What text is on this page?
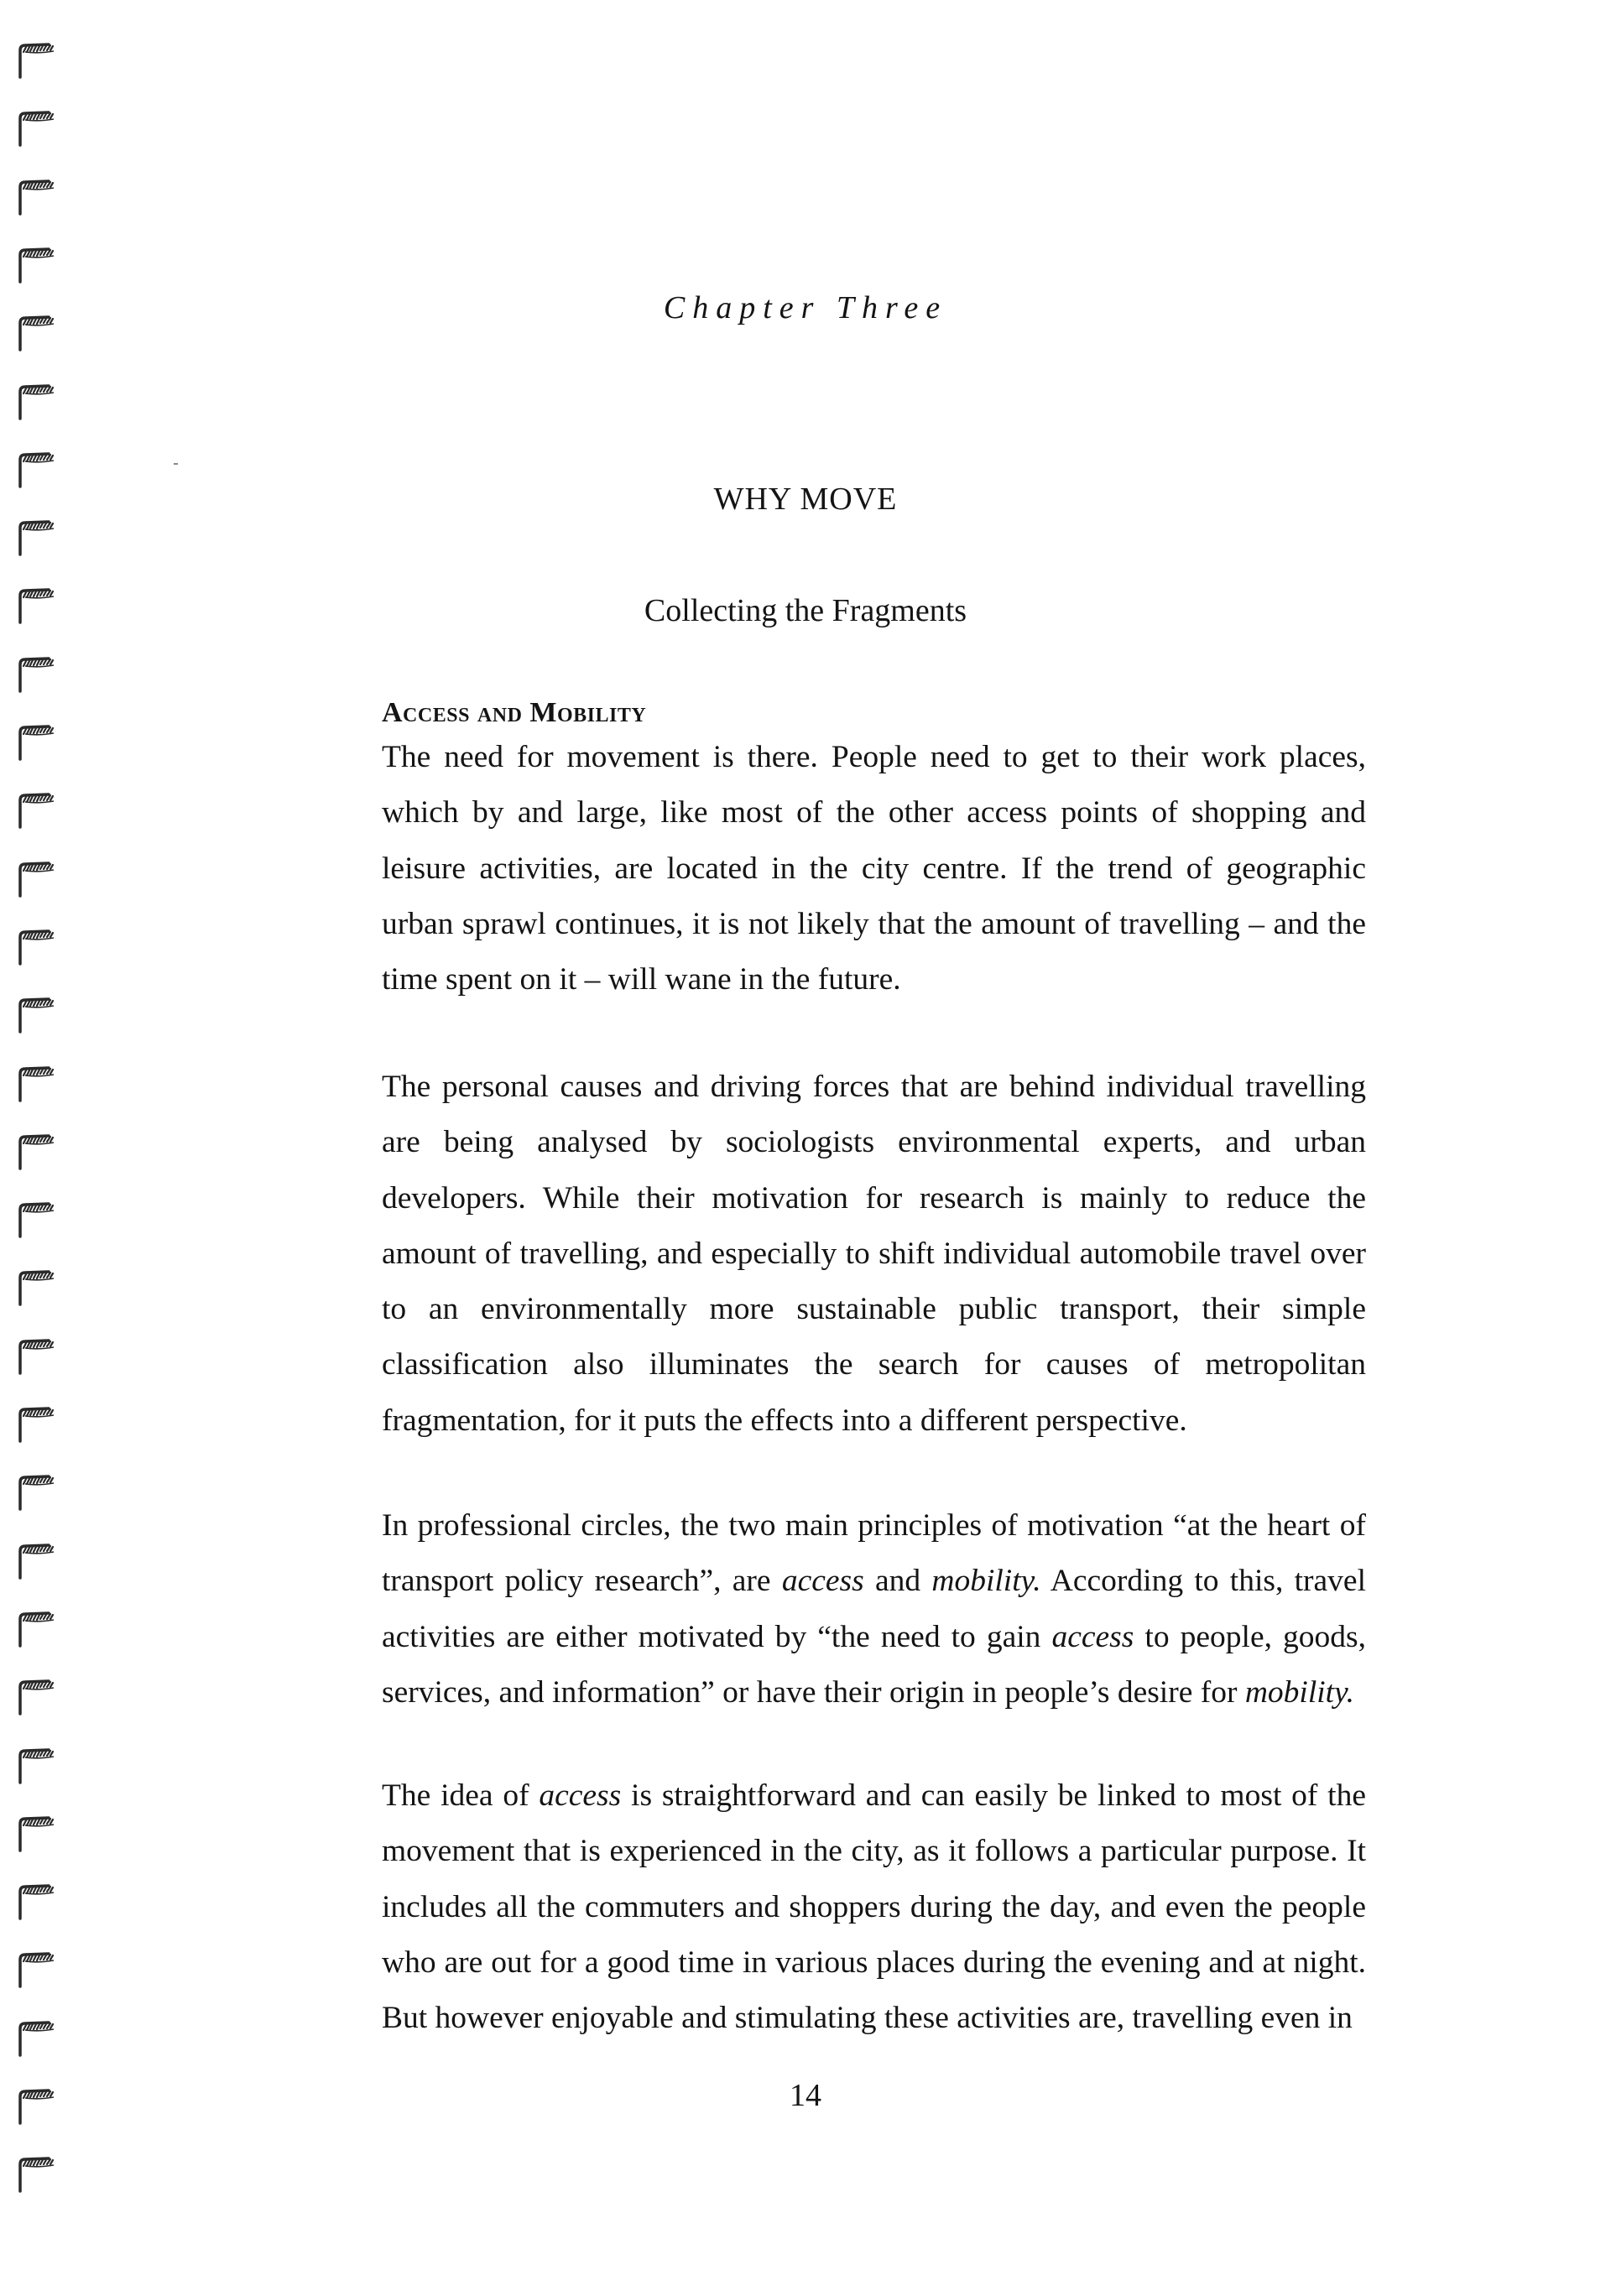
Chapter Three
WHY MOVE
Collecting the Fragments
Access and Mobility

The need for movement is there. People need to get to their work places, which by and large, like most of the other access points of shopping and leisure activities, are located in the city centre. If the trend of geographic urban sprawl continues, it is not likely that the amount of travelling – and the time spent on it – will wane in the future.

The personal causes and driving forces that are behind individual travelling are being analysed by sociologists environmental experts, and urban developers. While their motivation for research is mainly to reduce the amount of travelling, and especially to shift individual automobile travel over to an environmentally more sustainable public transport, their simple classification also illuminates the search for causes of metropolitan fragmentation, for it puts the effects into a different perspective.

In professional circles, the two main principles of motivation “at the heart of transport policy research”, are access and mobility. According to this, travel activities are either motivated by “the need to gain access to people, goods, services, and information” or have their origin in people’s desire for mobility.

The idea of access is straightforward and can easily be linked to most of the movement that is experienced in the city, as it follows a particular purpose. It includes all the commuters and shoppers during the day, and even the people who are out for a good time in various places during the evening and at night. But however enjoyable and stimulating these activities are, travelling even in

14
